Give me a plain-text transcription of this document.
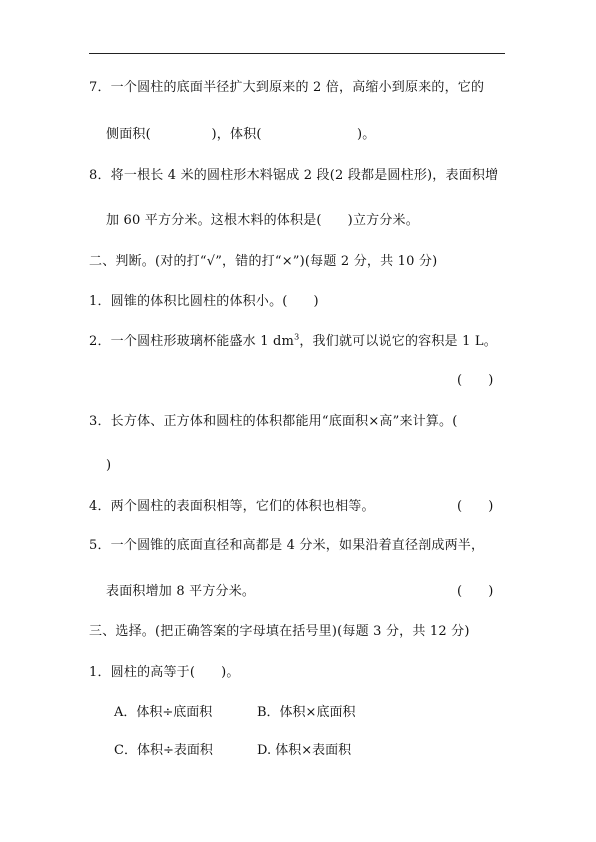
7．一个圆柱的底面半径扩大到原来的 2 倍，高缩小到原来的，它的
侧面积(              )，体积(                      )。
8．将一根长 4 米的圆柱形木料锯成 2 段(2 段都是圆柱形)，表面积增
加 60 平方分米。这根木料的体积是(      )立方分米。
二、判断。(对的打“√”，错的打“×”)(每题 2 分，共 10 分)
1．圆锥的体积比圆柱的体积小。(      )
2．一个圆柱形玻璃杯能盛水 1 $dm^3$，我们就可以说它的容积是 1 L。
(      )
3．长方体、正方体和圆柱的体积都能用“底面积×高”来计算。(
)
4．两个圆柱的表面积相等，它们的体积也相等。	(      )
5．一个圆锥的底面直径和高都是 4 分米，如果沿着直径剖成两半，
表面积增加 8 平方分米。	(      )
三、选择。(把正确答案的字母填在括号里)(每题 3 分，共 12 分)
1．圆柱的高等于(      )。
A．体积÷底面积	B．体积×底面积
C．体积÷表面积	D. 体积×表面积
